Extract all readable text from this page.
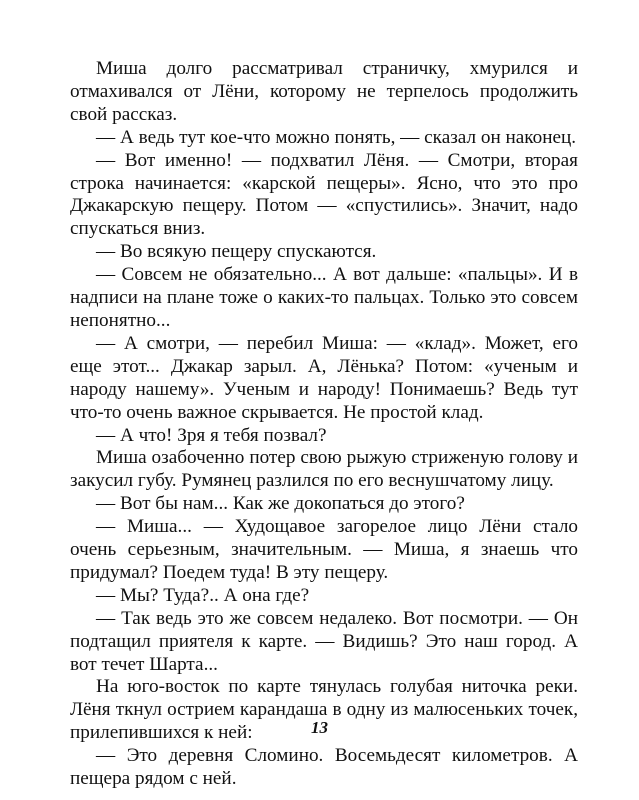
Миша долго рассматривал страничку, хмурился и отмахивался от Лёни, которому не терпелось продолжить свой рассказ.

— А ведь тут кое-что можно понять, — сказал он наконец.

— Вот именно! — подхватил Лёня. — Смотри, вторая строка начинается: «карской пещеры». Ясно, что это про Джакарскую пещеру. Потом — «спустились». Значит, надо спускаться вниз.

— Во всякую пещеру спускаются.

— Совсем не обязательно... А вот дальше: «пальцы». И в надписи на плане тоже о каких-то пальцах. Только это совсем непонятно...

— А смотри, — перебил Миша: — «клад». Может, его еще этот... Джакар зарыл. А, Лёнька? Потом: «ученым и народу нашему». Ученым и народу! Понимаешь? Ведь тут что-то очень важное скрывается. Не простой клад.

— А что! Зря я тебя позвал?

Миша озабоченно потер свою рыжую стриженую голову и закусил губу. Румянец разлился по его веснушчатому лицу.

— Вот бы нам... Как же докопаться до этого?

— Миша... — Худощавое загорелое лицо Лёни стало очень серьезным, значительным. — Миша, я знаешь что придумал? Поедем туда! В эту пещеру.

— Мы? Туда?.. А она где?

— Так ведь это же совсем недалеко. Вот посмотри. — Он подтащил приятеля к карте. — Видишь? Это наш город. А вот течет Шарта...

На юго-восток по карте тянулась голубая ниточка реки. Лёня ткнул острием карандаша в одну из малюсеньких точек, прилепившихся к ней:

— Это деревня Сломино. Восемьдесят километров. А пещера рядом с ней.

13
